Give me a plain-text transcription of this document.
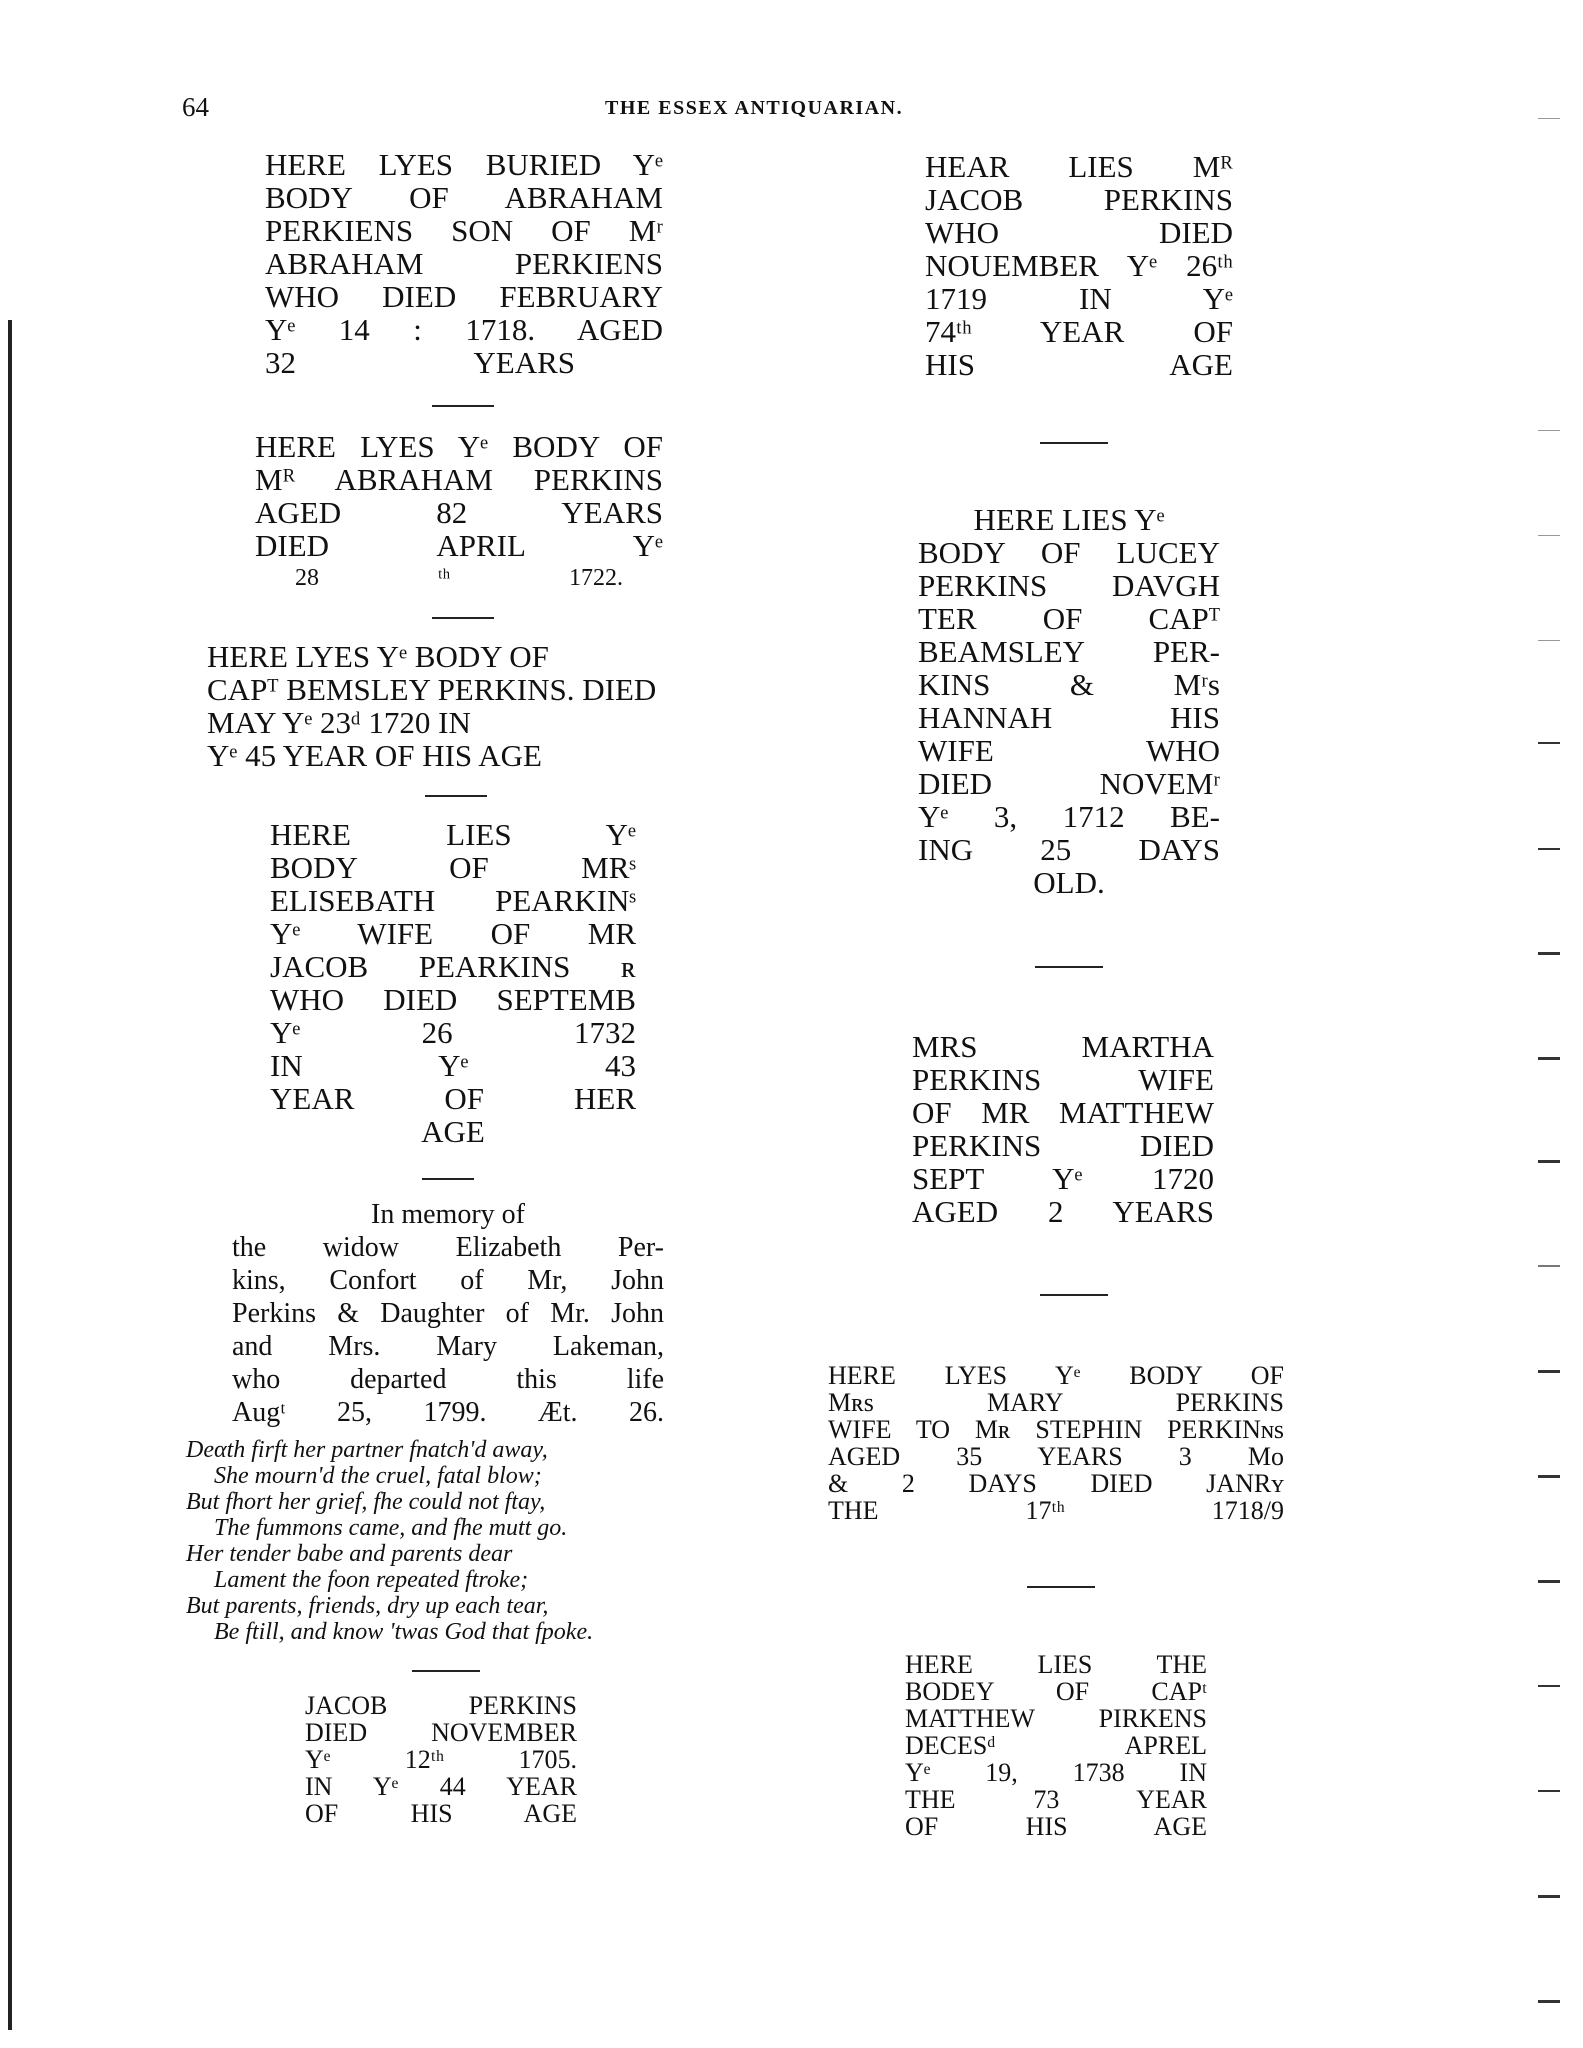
64	THE ESSEX ANTIQUARIAN.
HERE LYES BURIED Yᵉ
BODY OF ABRAHAM
PERKIENS SON OF Mʳ
ABRAHAM PERKIENS
WHO DIED FEBRUARY
Yᵉ 14 : 1718. AGED
32 YEARS
HERE LYES Yᵉ BODY OF
Mᴿ ABRAHAM PERKINS
AGED 82 YEARS
DIED APRIL Yᵉ
28 ᵗʰ 1722.
HERE LYES Yᵉ BODY OF
CAPᵀ BEMSLEY PERKINS. DIED
MAY Yᵉ 23ᵈ 1720 IN
Yᵉ 45 YEAR OF HIS AGE
HERE LIES Yᵉ
BODY OF MRˢ
ELISEBATH PEARKINˢ
Yᵉ WIFE OF MR
JACOB PEARKINS ʀ
WHO DIED SEPTEMB
Yᵉ 26 1732
IN Yᵉ 43
YEAR OF HER
AGE
In memory of
the widow Elizabeth Per-
kins, Confort of Mr, John
Perkins & Daughter of Mr. John
and Mrs. Mary Lakeman,
who departed this life
Augᵗ 25, 1799. Æt. 26.
Deαth firft her partner fnatch'd away,
She mourn'd the cruel, fatal blow;
But fhort her grief, fhe could not ftay,
The fummons came, and fhe mutt go.
Her tender babe and parents dear
Lament the foon repeated ftroke;
But parents, friends, dry up each tear,
Be ftill, and know 'twas God that fpoke.
JACOB PERKINS
DIED NOVEMBER
Yᵉ 12ᵗʰ 1705.
IN Yᵉ 44 YEAR
OF HIS AGE
HEAR LIES Mᴿ
JACOB PERKINS
WHO DIED
NOUEMBER Yᵉ 26ᵗʰ
1719 IN Yᵉ
74ᵗʰ YEAR OF
HIS AGE
HERE LIES Yᵉ
BODY OF LUCEY
PERKINS DAVGH
TER OF CAPᵀ
BEAMSLEY PER-
KINS & Mʳs
HANNAH HIS
WIFE WHO
DIED NOVEMʳ
Yᵉ 3, 1712 BE-
ING 25 DAYS
OLD.
MRS MARTHA
PERKINS WIFE
OF MR MATTHEW
PERKINS DIED
SEPT Yᵉ 1720
AGED 2 YEARS
HERE LYES Yᵉ BODY OF
Mʀs MARY PERKINS
WIFE TO Mʀ STEPHIN PERKINɴs
AGED 35 YEARS 3 Mo
& 2 DAYS DIED JANRʏ
THE 17ᵗʰ 1718/9
HERE LIES THE
BODEY OF CAPᵗ
MATTHEW PIRKENS
DECESᵈ APREL
Yᵉ 19, 1738 IN
THE 73 YEAR
OF HIS AGE
